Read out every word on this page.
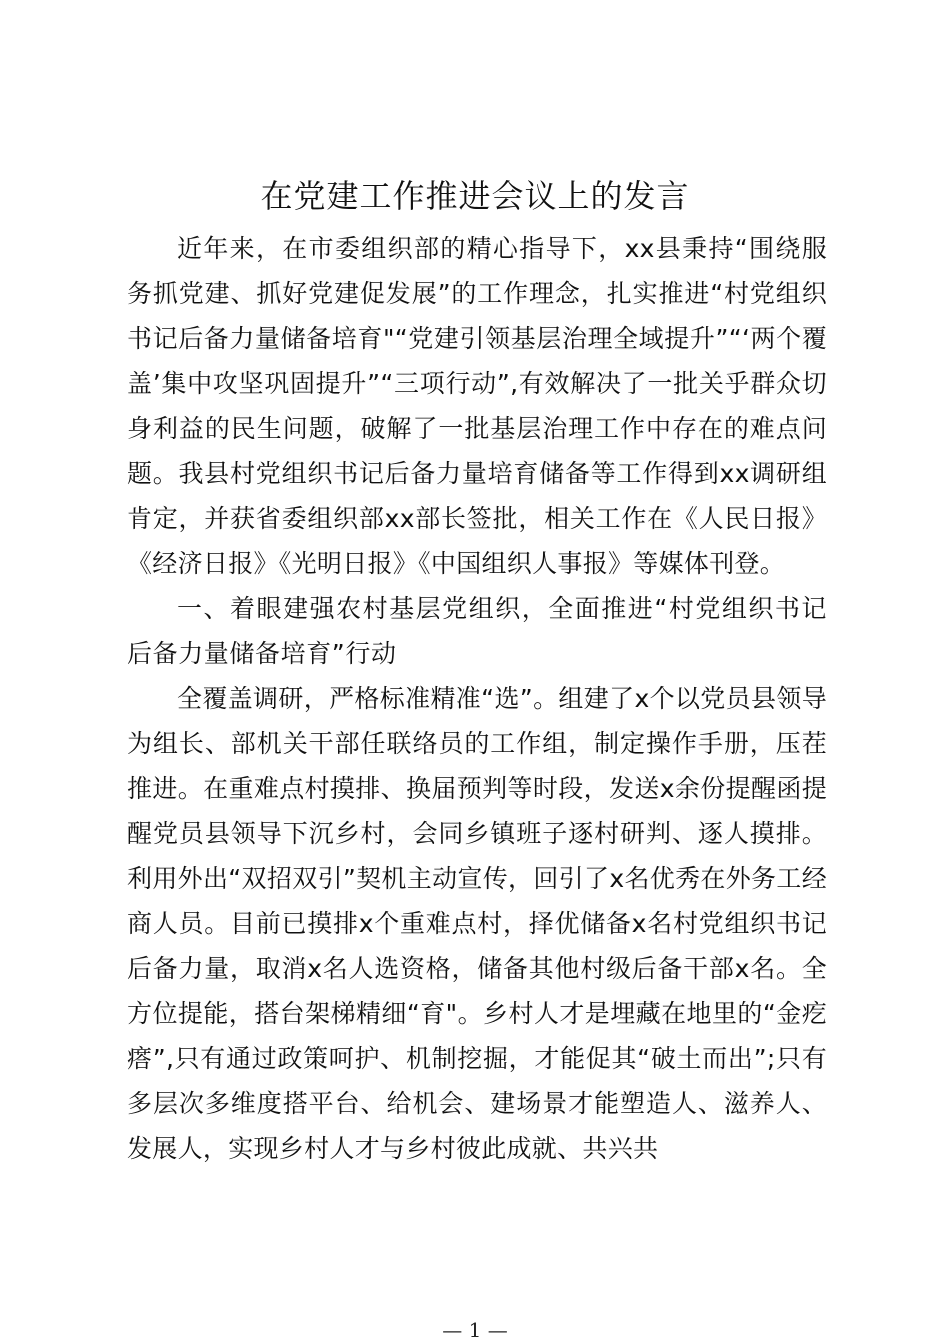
在党建工作推进会议上的发言

近年来，在市委组织部的精心指导下，xx县秉持“围绕服务抓党建、抓好党建促发展”的工作理念，扎实推进“村党组织书记后备力量储备培育"“党建引领基层治理全域提升”“‘两个覆盖’集中攻坚巩固提升”“三项行动”,有效解决了一批关乎群众切身利益的民生问题，破解了一批基层治理工作中存在的难点问题。我县村党组织书记后备力量培育储备等工作得到xx调研组肯定，并获省委组织部xx部长签批，相关工作在《人民日报》《经济日报》《光明日报》《中国组织人事报》等媒体刊登。

一、着眼建强农村基层党组织，全面推进“村党组织书记后备力量储备培育”行动

全覆盖调研，严格标准精准“选”。组建了x个以党员县领导为组长、部机关干部任联络员的工作组，制定操作手册，压茬推进。在重难点村摸排、换届预判等时段，发送x余份提醒函提醒党员县领导下沉乡村，会同乡镇班子逐村研判、逐人摸排。利用外出“双招双引”契机主动宣传，回引了x名优秀在外务工经商人员。目前已摸排x个重难点村，择优储备x名村党组织书记后备力量，取消x名人选资格，储备其他村级后备干部x名。全方位提能，搭台架梯精细“育"。乡村人才是埋藏在地里的“金疙瘩”,只有通过政策呵护、机制挖掘，才能促其“破土而出”;只有多层次多维度搭平台、给机会、建场景才能塑造人、滋养人、发展人，实现乡村人才与乡村彼此成就、共兴共

— 1 —
